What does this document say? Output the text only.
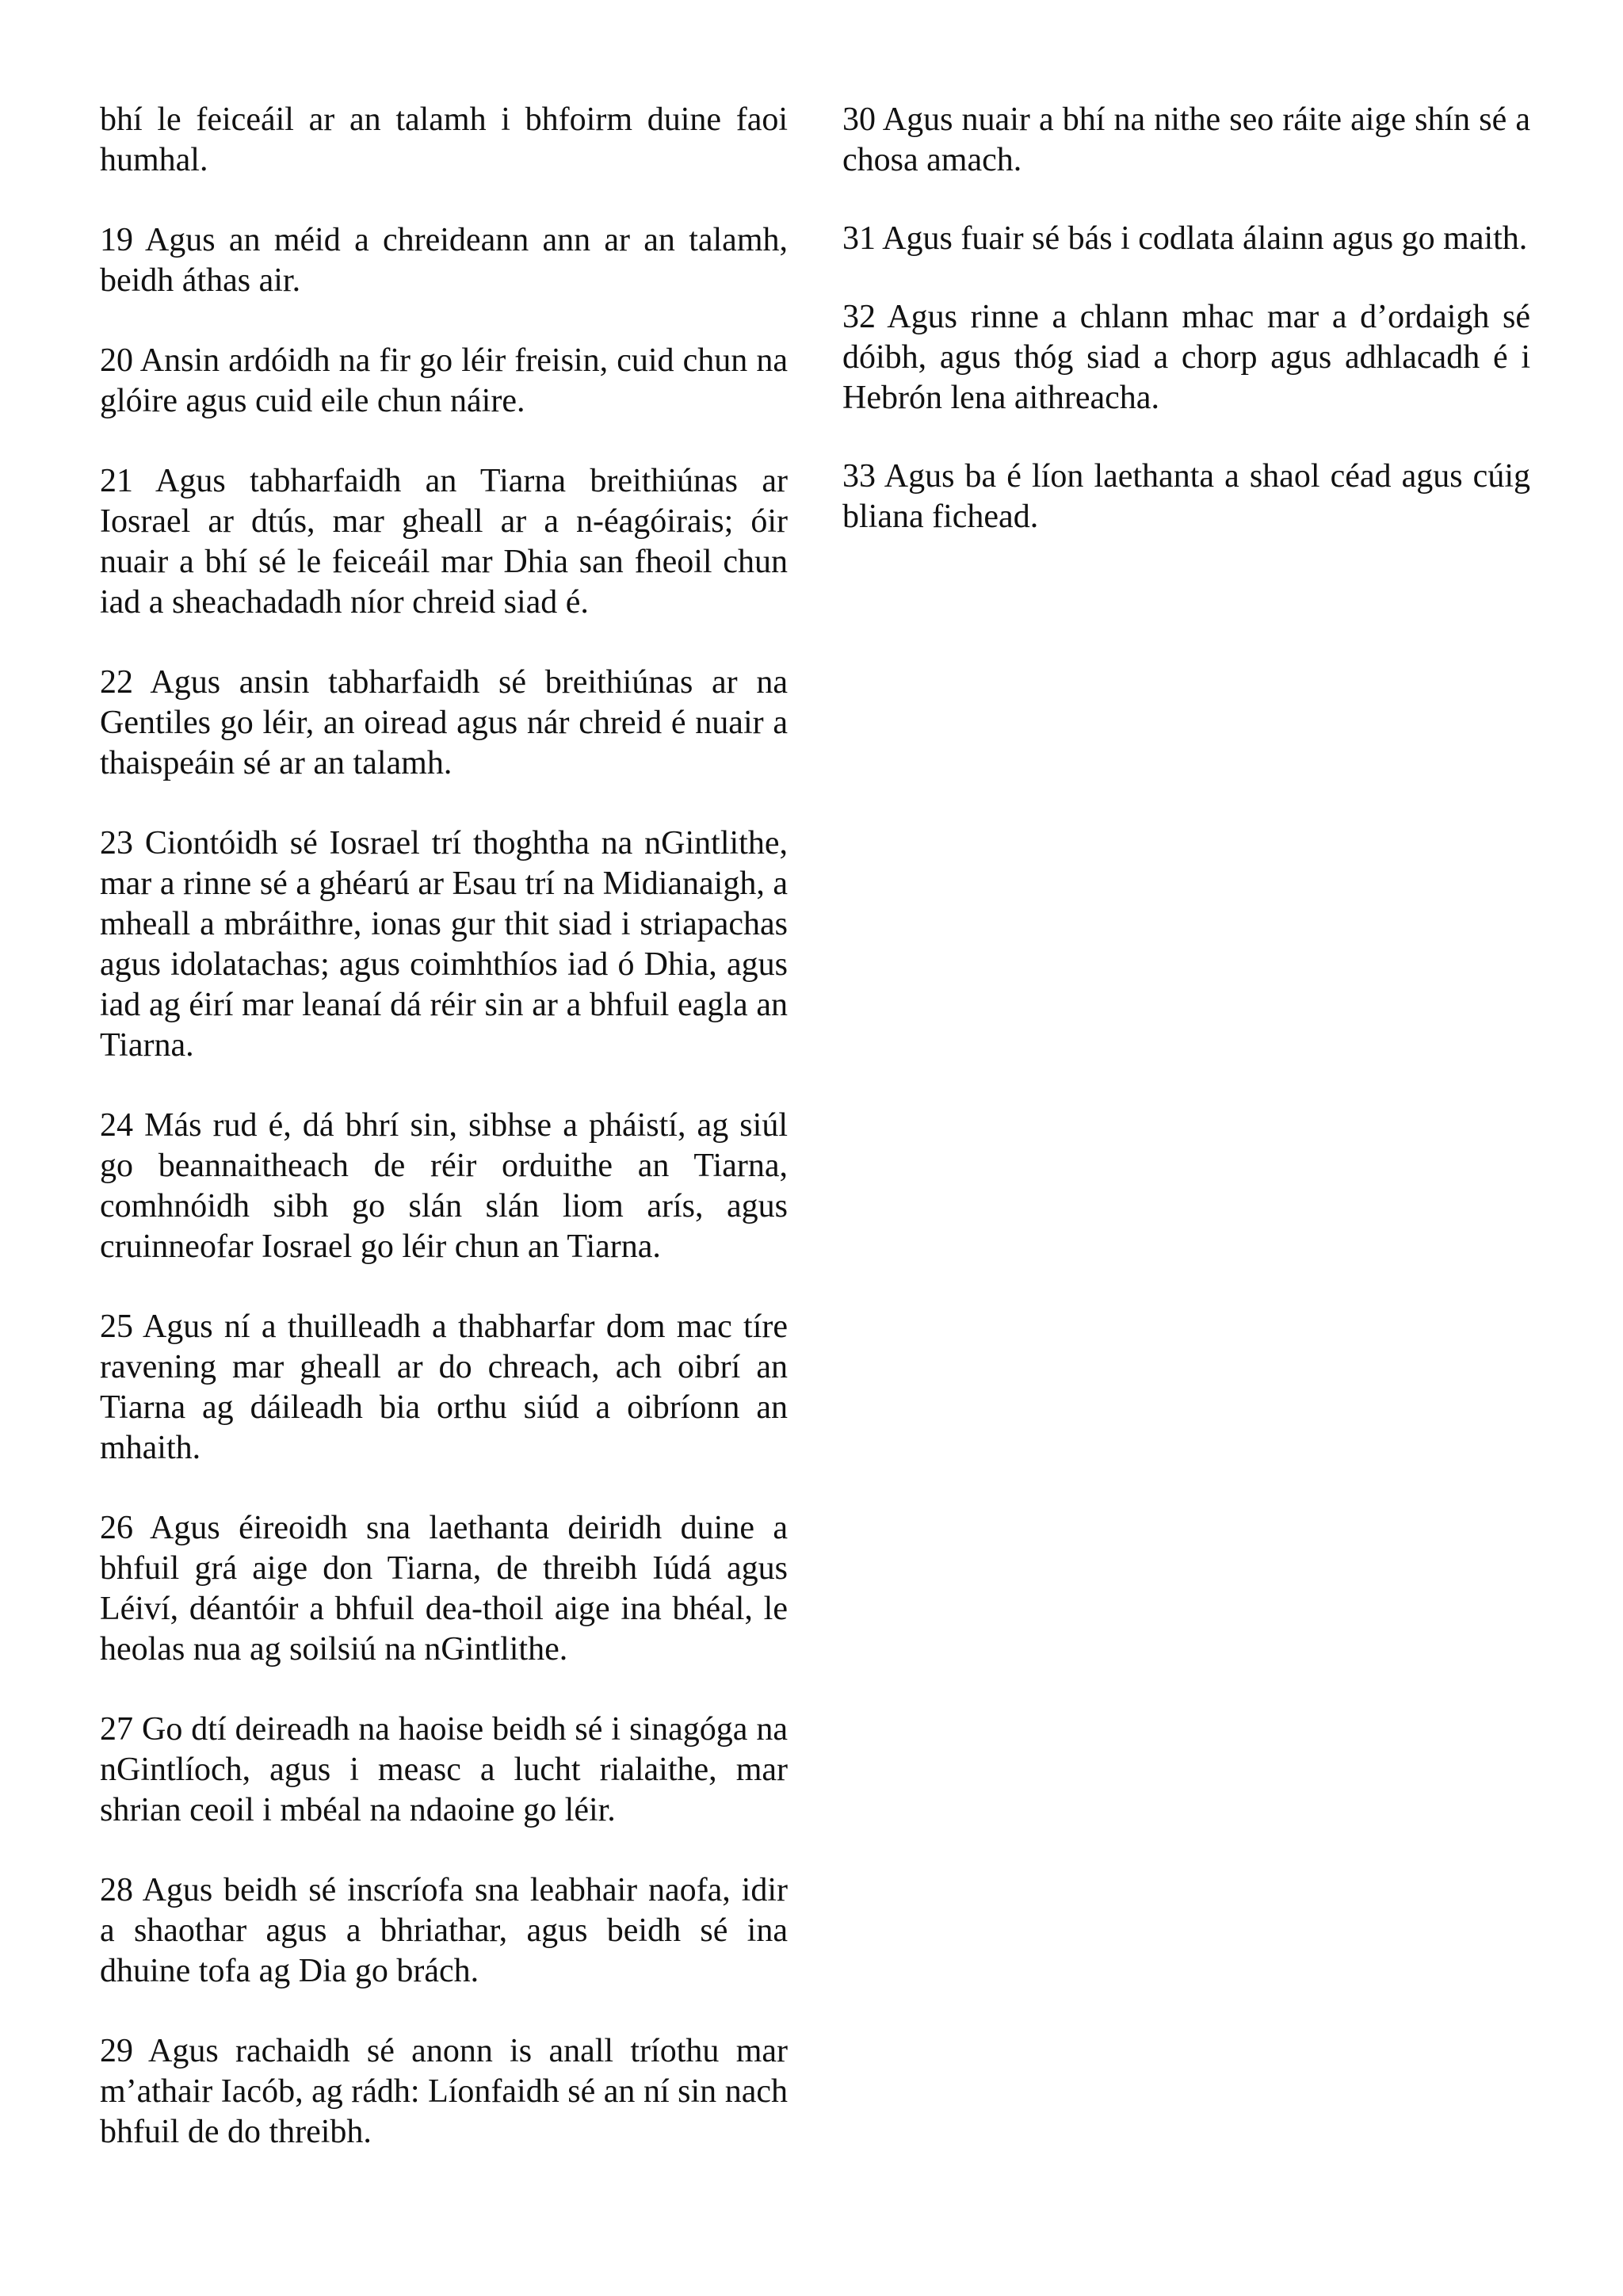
bhí le feiceáil ar an talamh i bhfoirm duine faoi humhal.

19 Agus an méid a chreideann ann ar an talamh, beidh áthas air.

20 Ansin ardóidh na fir go léir freisin, cuid chun na glóire agus cuid eile chun náire.

21 Agus tabharfaidh an Tiarna breithiúnas ar Iosrael ar dtús, mar gheall ar a n-éagóirais; óir nuair a bhí sé le feiceáil mar Dhia san fheoil chun iad a sheachadadh níor chreid siad é.

22 Agus ansin tabharfaidh sé breithiúnas ar na Gentiles go léir, an oiread agus nár chreid é nuair a thaispeáin sé ar an talamh.

23 Ciontóidh sé Iosrael trí thoghtha na nGintlithe, mar a rinne sé a ghéarú ar Esau trí na Midianaigh, a mheall a mbráithre, ionas gur thit siad i striapachas agus idolatachas; agus coimhthíos iad ó Dhia, agus iad ag éirí mar leanaí dá réir sin ar a bhfuil eagla an Tiarna.

24 Más rud é, dá bhrí sin, sibhse a pháistí, ag siúl go beannaitheach de réir orduithe an Tiarna, comhnóidh sibh go slán slán liom arís, agus cruinneofar Iosrael go léir chun an Tiarna.

25 Agus ní a thuilleadh a thabharfar dom mac tíre ravening mar gheall ar do chreach, ach oibrí an Tiarna ag dáileadh bia orthu siúd a oibríonn an mhaith.

26 Agus éireoidh sna laethanta deiridh duine a bhfuil grá aige don Tiarna, de threibh Iúdá agus Léiví, déantóir a bhfuil dea-thoil aige ina bhéal, le heolas nua ag soilsiú na nGintlithe.

27 Go dtí deireadh na haoise beidh sé i sinagóga na nGintlíoch, agus i measc a lucht rialaithe, mar shrian ceoil i mbéal na ndaoine go léir.

28 Agus beidh sé inscríofa sna leabhair naofa, idir a shaothar agus a bhriathar, agus beidh sé ina dhuine tofa ag Dia go brách.

29 Agus rachaidh sé anonn is anall tríothu mar m’athair Iacób, ag rádh: Líonfaidh sé an ní sin nach bhfuil de do threibh.

30 Agus nuair a bhí na nithe seo ráite aige shín sé a chosa amach.

31 Agus fuair sé bás i codlata álainn agus go maith.

32 Agus rinne a chlann mhac mar a d’ordaigh sé dóibh, agus thóg siad a chorp agus adhlacadh é i Hebrón lena aithreacha.

33 Agus ba é líon laethanta a shaol céad agus cúig bliana fichead.
